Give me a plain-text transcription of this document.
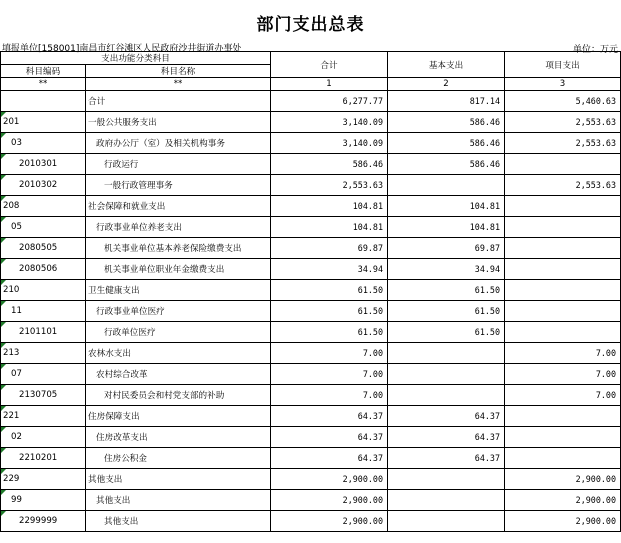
部门支出总表
填报单位[158001]南昌市红谷滩区人民政府沙井街道办事处	单位：万元
支出功能分类科目		合计	基本支出	项目支出
科目编码	科目名称			
**	**	1	2	3
	合计	6,277.77	817.14	5,460.63

201	一般公共服务支出	3,140.09	586.46	2,553.63

03	政府办公厅（室）及相关机构事务	3,140.09	586.46	2,553.63

2010301	行政运行	586.46	586.46	

2010302	一般行政管理事务	2,553.63		2,553.63

208	社会保障和就业支出	104.81	104.81	

05	行政事业单位养老支出	104.81	104.81	

2080505	机关事业单位基本养老保险缴费支出	69.87	69.87	

2080506	机关事业单位职业年金缴费支出	34.94	34.94	

210	卫生健康支出	61.50	61.50	

11	行政事业单位医疗	61.50	61.50	

2101101	行政单位医疗	61.50	61.50	

213	农林水支出	7.00		7.00

07	农村综合改革	7.00		7.00

2130705	对村民委员会和村党支部的补助	7.00		7.00

221	住房保障支出	64.37	64.37	

02	住房改革支出	64.37	64.37	

2210201	住房公积金	64.37	64.37	

229	其他支出	2,900.00		2,900.00

99	其他支出	2,900.00		2,900.00

2299999	其他支出	2,900.00		2,900.00
